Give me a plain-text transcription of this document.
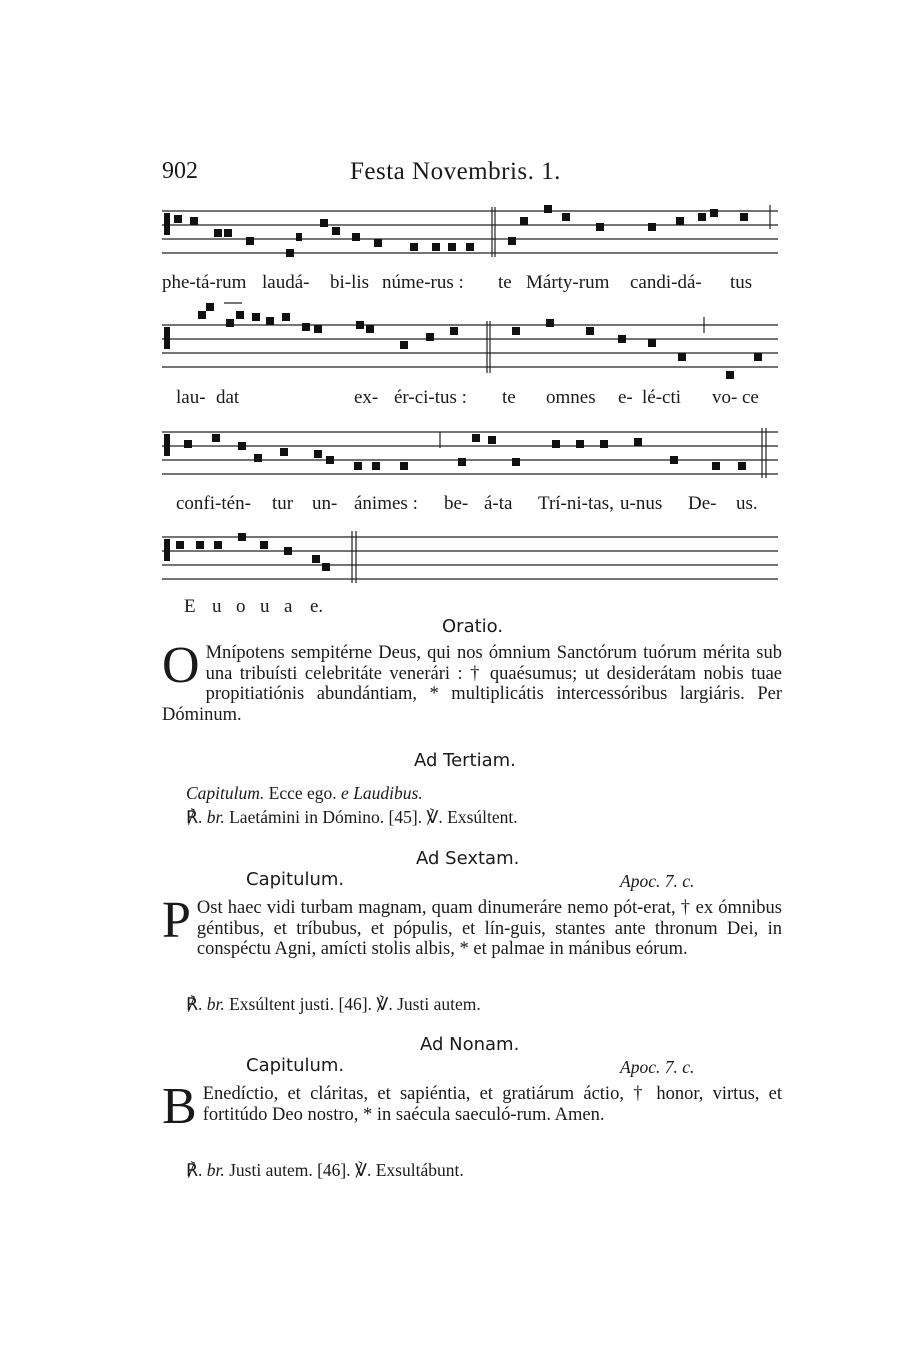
902	Festa Novembris. 1.
phe-tá-rum laudá- bi-lis núme-rus : te Márty-rum candi-dá- tus
lau- dat	ex- ér-ci-tus : te omnes e- lé-cti vo- ce
confi-tén- tur un- ánimes : be- á-ta Trí-ni-tas, u-nus De- us.
E u o u a e.
Oratio.
O Mnípotens sempitérne Deus, qui nos ómnium Sanctórum tuórum mérita sub una tribuísti celebritáte venerári : † quaésumus; ut desiderátam nobis tuae propitiatiónis abundántiam, * multiplicátis intercessóribus largiáris. Per Dóminum.
Ad Tertiam.
Capitulum. Ecce ego. e Laudibus.
℟. br. Laetámini in Dómino. [45]. ℣. Exsúltent.
Ad Sextam.
Capitulum.	Apoc. 7. c.
P Ost haec vidi turbam magnam, quam dinumeráre nemo pót-erat, † ex ómnibus géntibus, et tríbubus, et pópulis, et lín-guis, stantes ante thronum Dei, in conspéctu Agni, amícti stolis albis, * et palmae in mánibus eórum.
℟. br. Exsúltent justi. [46]. ℣. Justi autem.
Ad Nonam.
Capitulum.	Apoc. 7. c.
B Enedíctio, et cláritas, et sapiéntia, et gratiárum áctio, † honor, virtus, et fortitúdo Deo nostro, * in saécula saeculó-rum. Amen.
℟. br. Justi autem. [46]. ℣. Exsultábunt.
